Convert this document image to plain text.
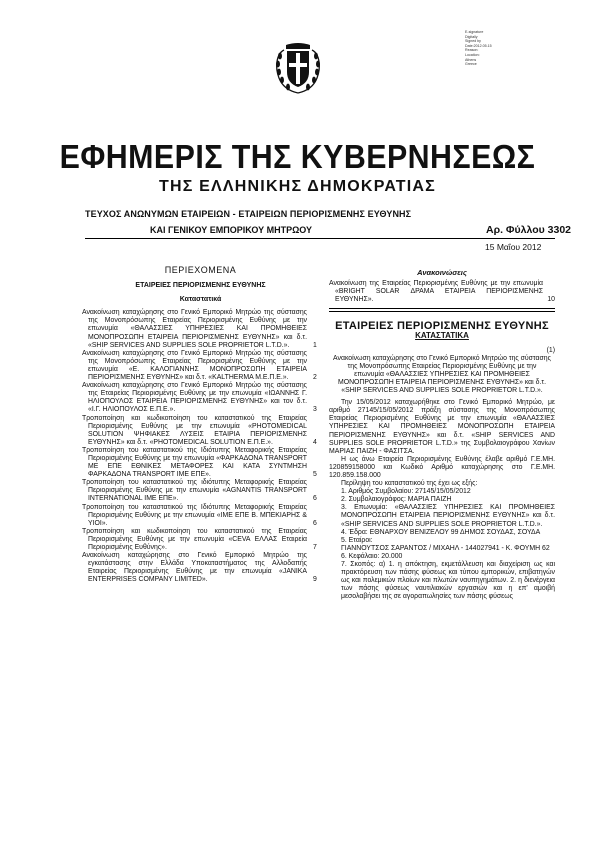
E-signature
Digitally
Signed by
Date:2012.05.15
Reason:
Location:
Athens
Greece
ΕΦΗΜΕΡΙΣ ΤΗΣ ΚΥΒΕΡΝΗΣΕΩΣ
ΤΗΣ ΕΛΛΗΝΙΚΗΣ ΔΗΜΟΚΡΑΤΙΑΣ
ΤΕΥΧΟΣ ΑΝΩΝΥΜΩΝ ΕΤΑΙΡΕΙΩΝ - ΕΤΑΙΡΕΙΩΝ ΠΕΡΙΟΡΙΣΜΕΝΗΣ ΕΥΘΥΝΗΣ
ΚΑΙ ΓΕΝΙΚΟΥ ΕΜΠΟΡΙΚΟΥ ΜΗΤΡΩΟΥ	Αρ. Φύλλου 3302
15 Μαΐου 2012
ΠΕΡΙΕΧΟΜΕΝΑ
ΕΤΑΙΡΕΙΕΣ ΠΕΡΙΟΡΙΣΜΕΝΗΣ ΕΥΘΥΝΗΣ
Καταστατικά
Ανακοίνωση καταχώρησης στο Γενικό Εμπορικό Μητρώο της σύστασης της Μονοπρόσωπης Εταιρείας Περιορισμένης Ευθύνης με την επωνυμία «ΘΑΛΑΣΣΙΕΣ ΥΠΗΡΕΣΙΕΣ ΚΑΙ ΠΡΟΜΗΘΕΙΕΣ ΜΟΝΟΠΡΟΣΩΠΗ ΕΤΑΙΡΕΙΑ ΠΕΡΙΟΡΙΣΜΕΝΗΣ ΕΥΘΥΝΗΣ» και δ.τ. «SHIP SERVICES AND SUPPLIES SOLE PROPRIETOR L.T.D.».	1
Ανακοίνωση καταχώρησης στο Γενικό Εμπορικό Μητρώο της σύστασης της Μονοπρόσωπης Εταιρείας Περιορισμένης Ευθύνης με την επωνυμία «Ε. ΚΑΛΟΓΙΑΝΝΗΣ ΜΟΝΟΠΡΟΣΩΠΗ ΕΤΑΙΡΕΙΑ ΠΕΡΙΟΡΙΣΜΕΝΗΣ ΕΥΘΥΝΗΣ» και δ.τ. «KALTHERMA Μ.Ε.Π.Ε.».	2
Ανακοίνωση καταχώρησης στο Γενικό Εμπορικό Μητρώο της σύστασης της Εταιρείας Περιορισμένης Ευθύνης με την επωνυμία «ΙΩΑΝΝΗΣ Γ. ΗΛΙΟΠΟΥΛΟΣ ΕΤΑΙΡΕΙΑ ΠΕΡΙΟΡΙΣΜΕΝΗΣ ΕΥΘΥΝΗΣ» και τον δ.τ. «Ι.Γ. ΗΛΙΟΠΟΥΛΟΣ Ε.Π.Ε.».	3
Τροποποίηση και κωδικοποίηση του καταστατικού της Εταιρείας Περιορισμένης Ευθύνης με την επωνυμία «PHOTOMEDICAL SOLUTION ΨΗΦΙΑΚΕΣ ΛΥΣΕΙΣ ΕΤΑΙΡΙΑ ΠΕΡΙΟΡΙΣΜΕΝΗΣ ΕΥΘΥΝΗΣ» και δ.τ. «PHOTOMEDICAL SOLUTION Ε.Π.Ε.».	4
Τροποποίηση του καταστατικού της Ιδιότυπης Μεταφορικής Εταιρείας Περιορισμένης Ευθύνης με την επωνυμία «ΦΑΡΚΑΔΟΝΑ TRANSPORT ΜΕ ΕΠΕ ΕΘΝΙΚΕΣ ΜΕΤΑΦΟΡΕΣ ΚΑΙ ΚΑΤΑ ΣΥΝΤΜΗΣΗ ΦΑΡΚΑΔΟΝΑ TRANSPORT ΙΜΕ ΕΠΕ».	5
Τροποποίηση του καταστατικού της ιδιότυπης Μεταφορικής Εταιρείας Περιορισμένης Ευθύνης με την επωνυμία «AGNANTIS TRANSPORT INTERNATIONAL ΙΜΕ ΕΠΕ».	6
Τροποποίηση του καταστατικού της Ιδιότυπης Μεταφορικής Εταιρείας Περιορισμένης Ευθύνης με την επωνυμία «ΙΜΕ ΕΠΕ Β. ΜΠΕΚΙΑΡΗΣ & ΥΙΟΙ».	6
Τροποποίηση και κωδικοποίηση του καταστατικού της Εταιρείας Περιορισμένης Ευθύνης με την επωνυμία «CEVA ΕΛΛΑΣ Εταιρεία Περιορισμένης Ευθύνης».	7
Ανακοίνωση καταχώρησης στο Γενικό Εμπορικό Μητρώο της εγκατάστασης στην Ελλάδα Υποκαταστήματος της Αλλοδαπής Εταιρείας Περιορισμένης Ευθύνης με την επωνυμία «JANIKA ENTERPRISES COMPANY LIMITED».	9
Ανακοινώσεις
Ανακοίνωση της Εταιρείας Περιορισμένης Ευθύνης με την επωνυμία «BRIGHT SOLAR ΔΡΑΜΑ ΕΤΑΙΡΕΙΑ ΠΕΡΙΟΡΙΣΜΕΝΗΣ ΕΥΘΥΝΗΣ».	10
ΕΤΑΙΡΕΙΕΣ ΠΕΡΙΟΡΙΣΜΕΝΗΣ ΕΥΘΥΝΗΣ
ΚΑΤΑΣΤΑΤΙΚΑ
(1)
Ανακοίνωση καταχώρησης στο Γενικό Εμπορικό Μητρώο της σύστασης της Μονοπρόσωπης Εταιρείας Περιορισμένης Ευθύνης με την επωνυμία «ΘΑΛΑΣΣΙΕΣ ΥΠΗΡΕΣΙΕΣ ΚΑΙ ΠΡΟΜΗΘΕΙΕΣ ΜΟΝΟΠΡΟΣΩΠΗ ΕΤΑΙΡΕΙΑ ΠΕΡΙΟΡΙΣΜΕΝΗΣ ΕΥΘΥΝΗΣ» και δ.τ. «SHIP SERVICES AND SUPPLIES SOLE PROPRIETOR L.T.D.».
Την 15/05/2012 καταχωρήθηκε στο Γενικό Εμπορικό Μητρώο, με αριθμό 27145/15/05/2012 πράξη σύστασης της Μονοπρόσωπης Εταιρείας Περιορισμένης Ευθύνης με την επωνυμία «ΘΑΛΑΣΣΙΕΣ ΥΠΗΡΕΣΙΕΣ ΚΑΙ ΠΡΟΜΗΘΕΙΕΣ ΜΟΝΟΠΡΟΣΩΠΗ ΕΤΑΙΡΕΙΑ ΠΕΡΙΟΡΙΣΜΕΝΗΣ ΕΥΘΥΝΗΣ» και δ.τ. «SHIP SERVICES AND SUPPLIES SOLE PROPRIETOR L.T.D.» της Συμβολαιογράφου Χανίων ΜΑΡΙΑΣ ΠΑΙΖΗ - ΦΑΣΙΤΣΑ.
Η ως άνω Εταιρεία Περιορισμένης Ευθύνης έλαβε αριθμό Γ.Ε.ΜΗ. 120859158000 και Κωδικό Αριθμό καταχώρησης στο Γ.Ε.ΜΗ. 120.859.158.000
Περίληψη του καταστατικού της έχει ως εξής:
1. Αριθμός Συμβολαίου: 27145/15/05/2012
2. Συμβολαιογράφος: ΜΑΡΙΑ ΠΑΙΖΗ
3. Επωνυμία: «ΘΑΛΑΣΣΙΕΣ ΥΠΗΡΕΣΙΕΣ ΚΑΙ ΠΡΟΜΗΘΕΙΕΣ ΜΟΝΟΠΡΟΣΩΠΗ ΕΤΑΙΡΕΙΑ ΠΕΡΙΟΡΙΣΜΕΝΗΣ ΕΥΘΥΝΗΣ» και δ.τ. «SHIP SERVICES AND SUPPLIES SOLE PROPRIETOR L.T.D.».
4. Έδρα: ΕΘΝΑΡΧΟΥ ΒΕΝΙΖΕΛΟΥ 99 ΔΗΜΟΣ ΣΟΥΔΑΣ, ΣΟΥΔΑ
5. Εταίροι:
ΓΙΑΝΝΟΥΤΣΟΣ ΣΑΡΑΝΤΟΣ / ΜΙΧΑΗΛ - 144027941 - Κ. ΦΟΥΜΗ 62
6. Κεφάλαιο: 20.000
7. Σκοπός: α) 1. η απόκτηση, εκμετάλλευση και διαχείριση ως και πρακτόρευση των πάσης φύσεως και τύπου εμπορικών, επιβατηγών ως και πολεμικών πλοίων και πλωτών ναυπηγημάτων. 2. η διενέργεια των πάσης φύσεως ναυτιλιακών εργασιών και η επ' αμοιβή μεσολαβήσει της σε αγοραπωλησίες των πάσης φύσεως
